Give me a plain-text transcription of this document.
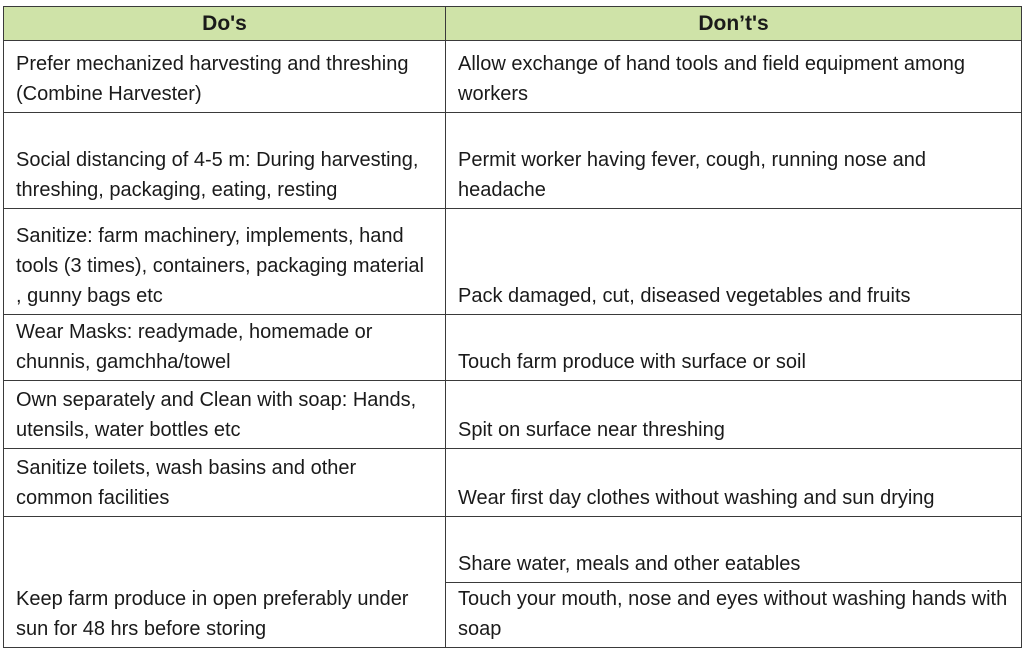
Do's	Don’t's
Prefer mechanized harvesting and threshing (Combine Harvester)	Allow exchange of hand tools and field equipment among workers
Social distancing of 4-5 m: During harvesting, threshing, packaging, eating, resting	Permit worker having fever, cough, running nose and headache
Sanitize: farm machinery, implements, hand tools (3 times), containers, packaging material , gunny bags etc	Pack damaged, cut, diseased vegetables and fruits
Wear Masks: readymade, homemade or chunnis, gamchha/towel	Touch farm produce with surface or soil
Own separately and Clean with soap: Hands, utensils, water bottles etc	Spit on surface near threshing
Sanitize toilets, wash basins and other common facilities	Wear first day clothes without washing and sun drying
Keep farm produce in open preferably under sun for 48 hrs before storing	Share water, meals and other eatables
	Touch your mouth, nose and eyes without washing hands with soap
